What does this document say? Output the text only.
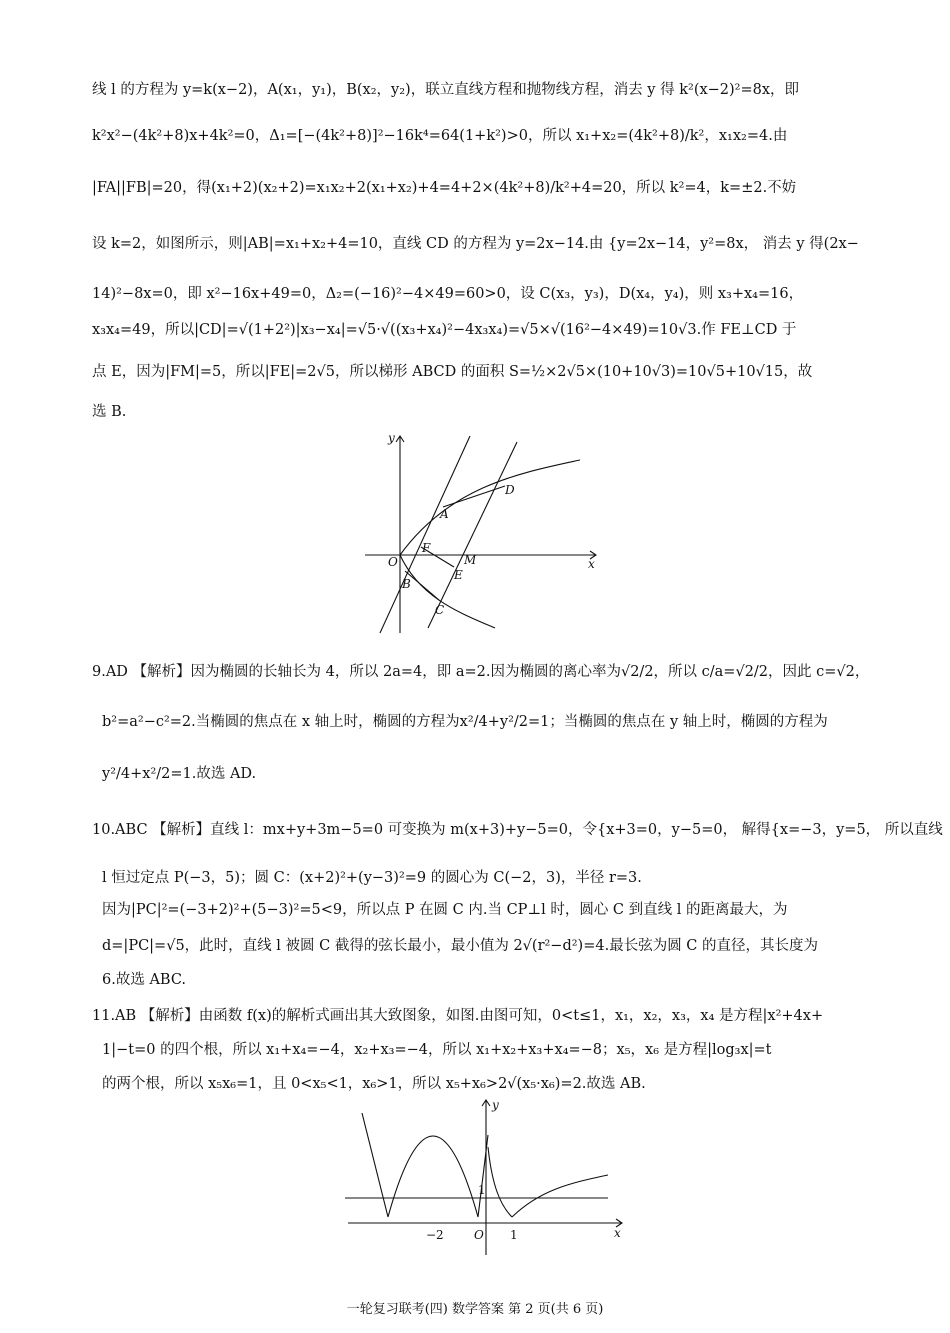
线 l 的方程为 y=k(x−2)，A(x₁，y₁)，B(x₂，y₂)，联立直线方程和抛物线方程，消去 y 得 k²(x−2)²=8x，即
k²x²−(4k²+8)x+4k²=0，Δ₁=[−(4k²+8)]²−16k⁴=64(1+k²)>0，所以 x₁+x₂=(4k²+8)/k²，x₁x₂=4.由
|FA||FB|=20，得(x₁+2)(x₂+2)=x₁x₂+2(x₁+x₂)+4=4+2×(4k²+8)/k²+4=20，所以 k²=4，k=±2.不妨
设 k=2，如图所示，则|AB|=x₁+x₂+4=10，直线 CD 的方程为 y=2x−14.由 {y=2x−14，y²=8x， 消去 y 得(2x−
14)²−8x=0，即 x²−16x+49=0，Δ₂=(−16)²−4×49=60>0，设 C(x₃，y₃)，D(x₄，y₄)，则 x₃+x₄=16，
x₃x₄=49，所以|CD|=√(1+2²)|x₃−x₄|=√5·√((x₃+x₄)²−4x₃x₄)=√5×√(16²−4×49)=10√3.作 FE⊥CD 于
点 E，因为|FM|=5，所以|FE|=2√5，所以梯形 ABCD 的面积 S=½×2√5×(10+10√3)=10√5+10√15，故
选 B.
y
x
O
F
M
A
B
C
D
E
9.AD 【解析】因为椭圆的长轴长为 4，所以 2a=4，即 a=2.因为椭圆的离心率为√2/2，所以 c/a=√2/2，因此 c=√2，
b²=a²−c²=2.当椭圆的焦点在 x 轴上时，椭圆的方程为x²/4+y²/2=1；当椭圆的焦点在 y 轴上时，椭圆的方程为
y²/4+x²/2=1.故选 AD.
10.ABC 【解析】直线 l：mx+y+3m−5=0 可变换为 m(x+3)+y−5=0，令{x+3=0，y−5=0， 解得{x=−3，y=5， 所以直线
l 恒过定点 P(−3，5)；圆 C：(x+2)²+(y−3)²=9 的圆心为 C(−2，3)，半径 r=3.
因为|PC|²=(−3+2)²+(5−3)²=5<9，所以点 P 在圆 C 内.当 CP⊥l 时，圆心 C 到直线 l 的距离最大，为
d=|PC|=√5，此时，直线 l 被圆 C 截得的弦长最小，最小值为 2√(r²−d²)=4.最长弦为圆 C 的直径，其长度为
6.故选 ABC.
11.AB 【解析】由函数 f(x)的解析式画出其大致图象，如图.由图可知，0<t≤1，x₁，x₂，x₃，x₄ 是方程|x²+4x+
1|−t=0 的四个根，所以 x₁+x₄=−4，x₂+x₃=−4，所以 x₁+x₂+x₃+x₄=−8；x₅，x₆ 是方程|log₃x|=t
的两个根，所以 x₅x₆=1，且 0<x₅<1，x₆>1，所以 x₅+x₆>2√(x₅·x₆)=2.故选 AB.
y
x
O
−2	1
1
一轮复习联考(四) 数学答案 第 2 页(共 6 页)
